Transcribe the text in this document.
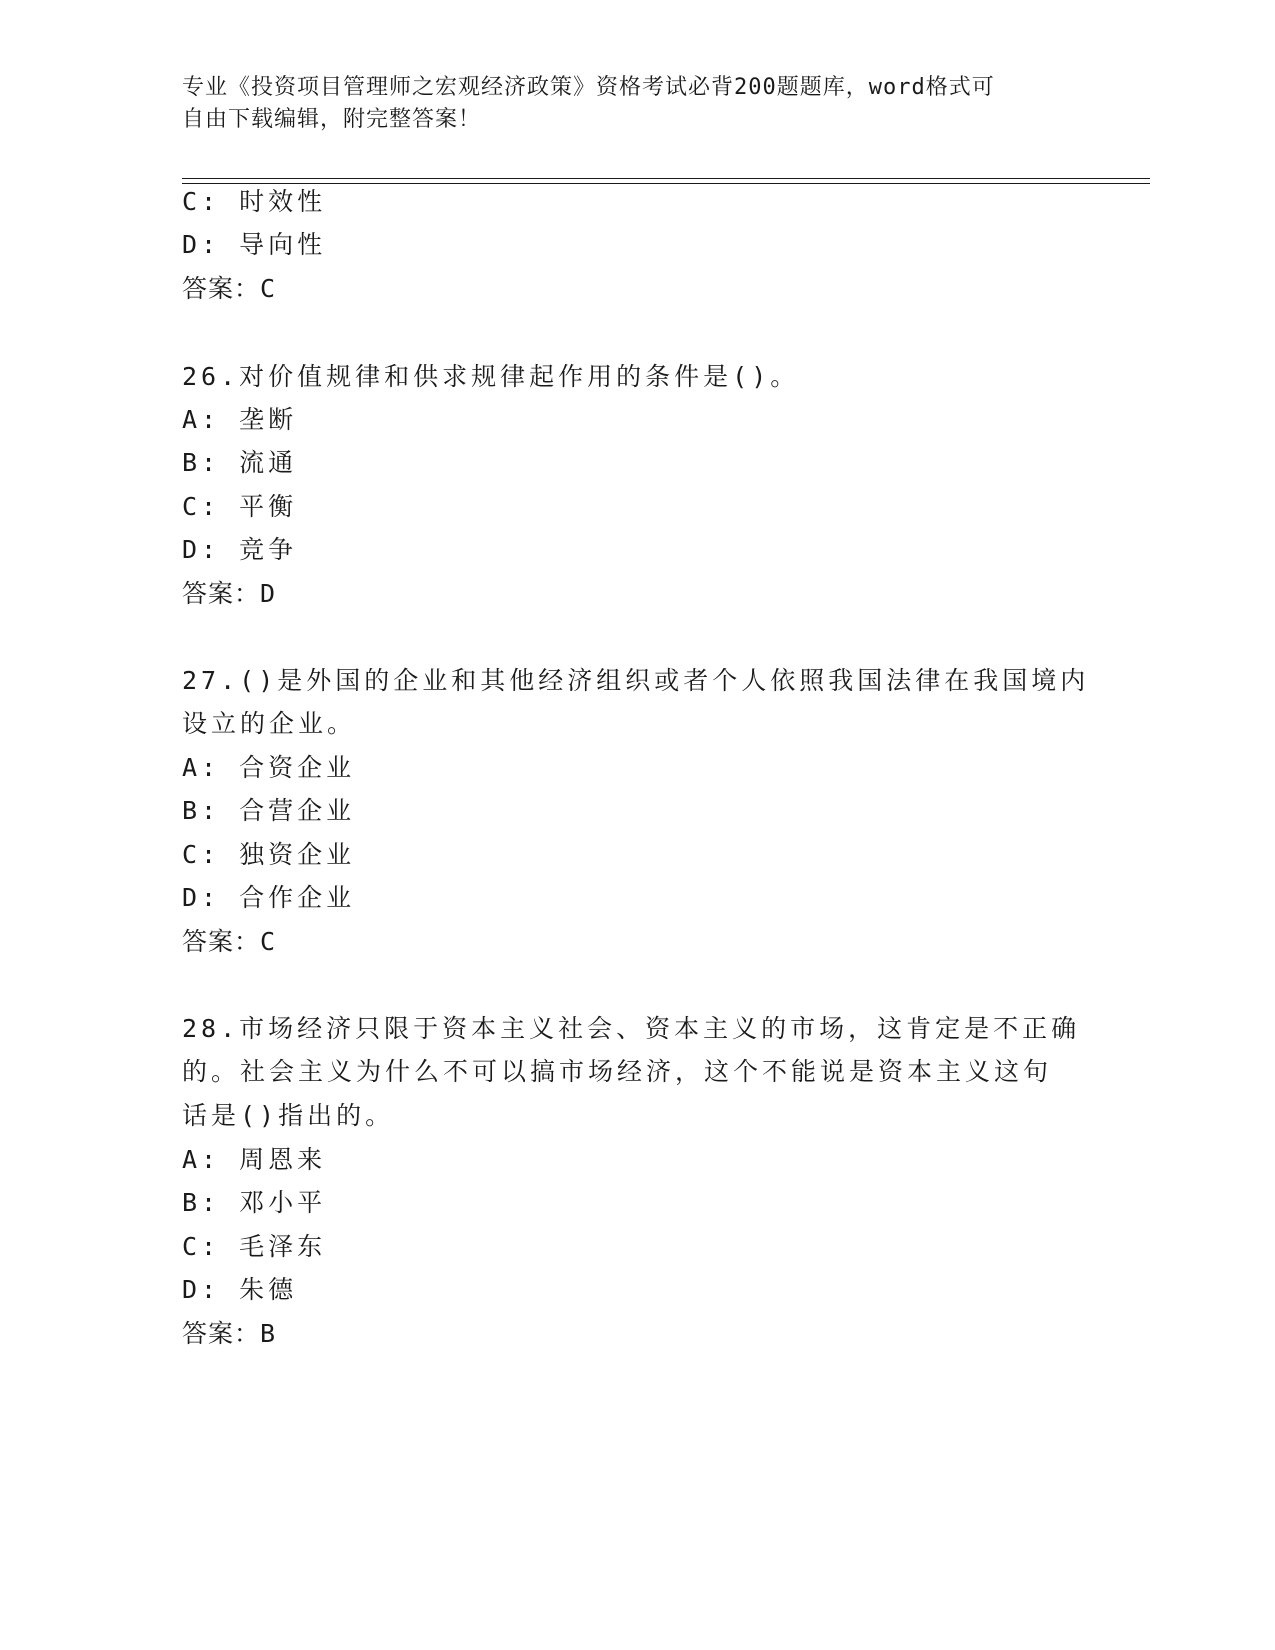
专业《投资项目管理师之宏观经济政策》资格考试必背200题题库，word格式可
自由下载编辑，附完整答案！
C: 时效性
D: 导向性
答案：C
26.对价值规律和供求规律起作用的条件是()。
A: 垄断
B: 流通
C: 平衡
D: 竞争
答案：D
27.()是外国的企业和其他经济组织或者个人依照我国法律在我国境内
设立的企业。
A: 合资企业
B: 合营企业
C: 独资企业
D: 合作企业
答案：C
28.市场经济只限于资本主义社会、资本主义的市场，这肯定是不正确
的。社会主义为什么不可以搞市场经济，这个不能说是资本主义这句
话是()指出的。
A: 周恩来
B: 邓小平
C: 毛泽东
D: 朱德
答案：B
